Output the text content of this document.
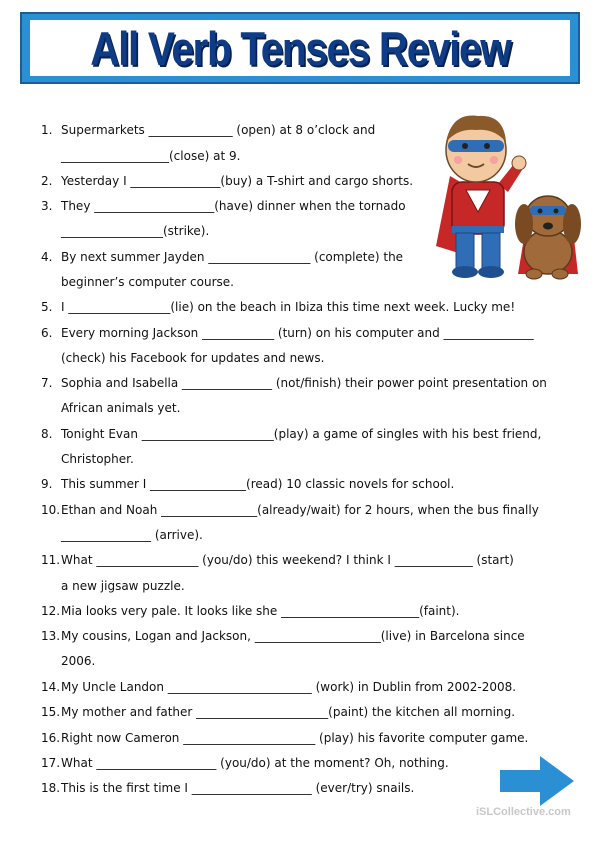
All Verb Tenses Review
1. Supermarkets ______________ (open) at 8 o’clock and
__________________(close) at 9.
2. Yesterday I _______________(buy) a T-shirt and cargo shorts.
3. They ____________________(have) dinner when the tornado
_________________(strike).
4. By next summer Jayden _________________ (complete) the
beginner’s computer course.
5. I _________________(lie) on the beach in Ibiza this time next week. Lucky me!
6. Every morning Jackson ____________ (turn) on his computer and _______________
(check) his Facebook for updates and news.
7. Sophia and Isabella _______________ (not/finish) their power point presentation on
African animals yet.
8. Tonight Evan ______________________(play) a game of singles with his best friend,
Christopher.
9. This summer I ________________(read) 10 classic novels for school.
10.Ethan and Noah ________________(already/wait) for 2 hours, when the bus finally
_______________ (arrive).
11.What _________________ (you/do) this weekend? I think I _____________ (start)
a new jigsaw puzzle.
12.Mia looks very pale. It looks like she _______________________(faint).
13.My cousins, Logan and Jackson, _____________________(live) in Barcelona since
2006.
14.My Uncle Landon ________________________ (work) in Dublin from 2002-2008.
15.My mother and father ______________________(paint) the kitchen all morning.
16.Right now Cameron ______________________ (play) his favorite computer game.
17.What ____________________ (you/do) at the moment? Oh, nothing.
18.This is the first time I ____________________ (ever/try) snails.
iSLCollective.com
